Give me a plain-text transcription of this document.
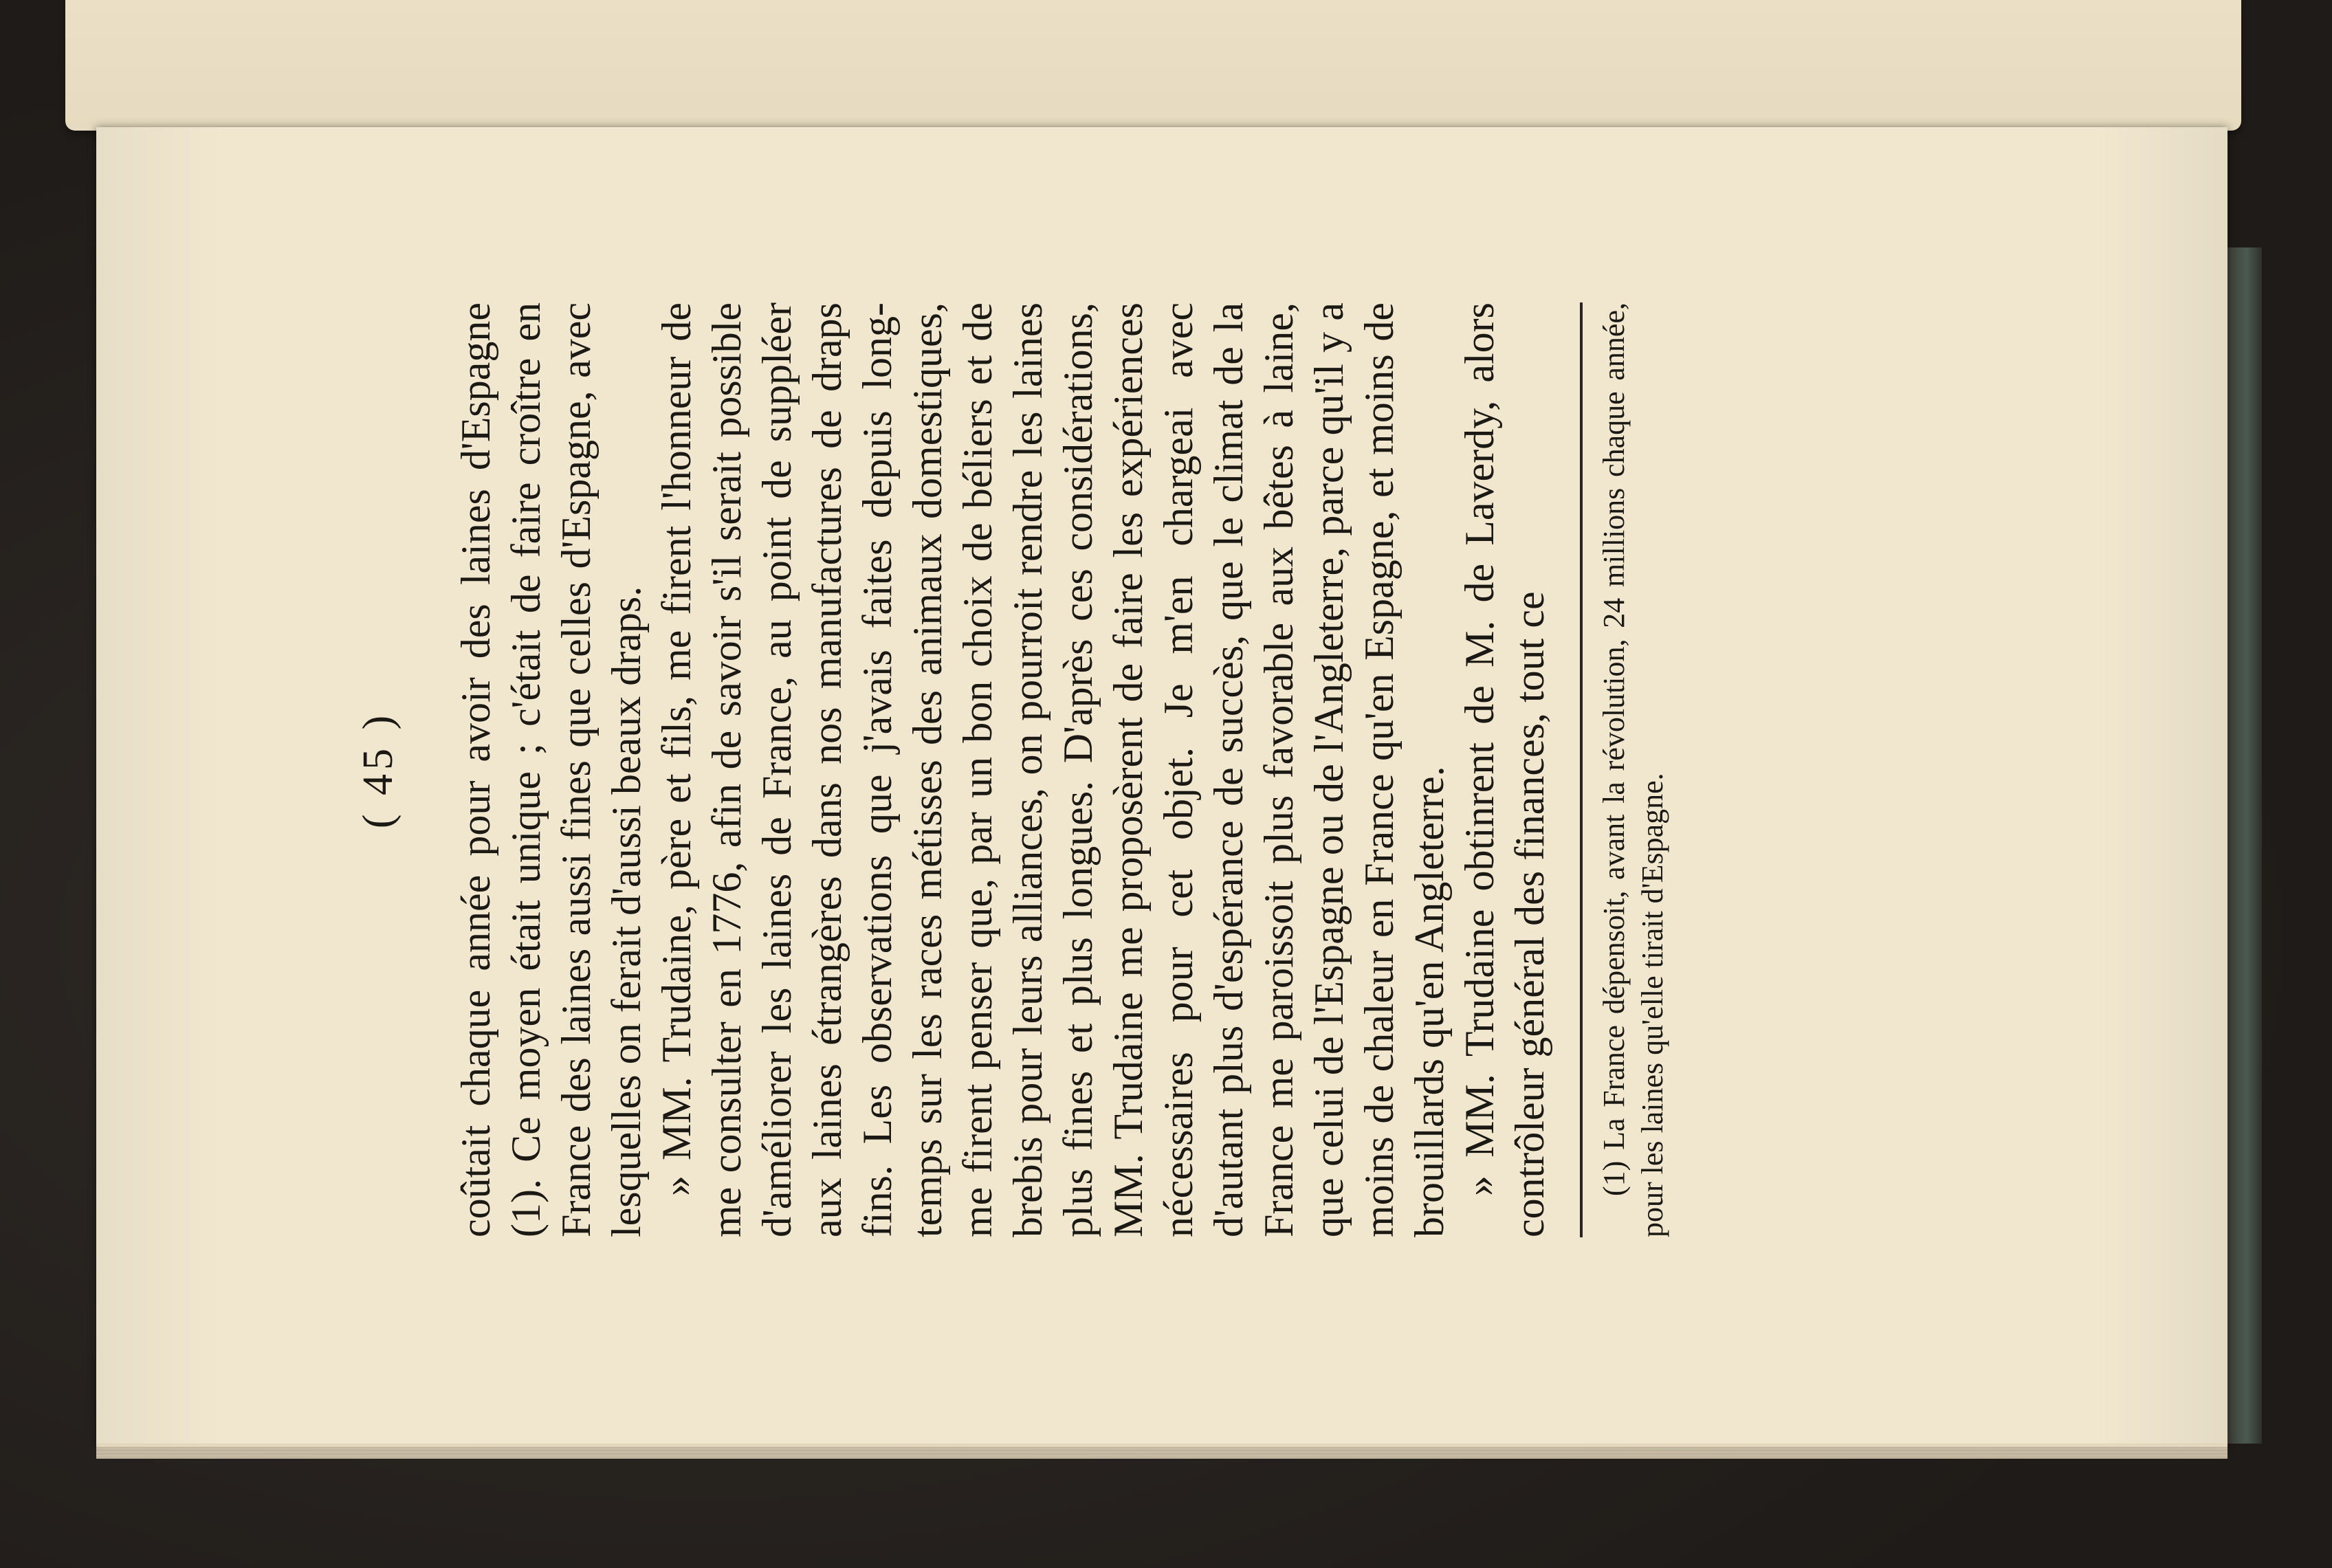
( 45 ) coûtait chaque année pour avoir des laines d'Espagne (1). Ce moyen était unique ; c'était de faire croître en France des laines aussi fines que celles d'Espagne, avec lesquelles on ferait d'aussi beaux draps. » MM. Trudaine, père et fils, me firent l'honneur de me consulter en 1776, afin de savoir s'il serait possible d'améliorer les laines de France, au point de suppléer aux laines étrangères dans nos manufactures de draps fins. Les observations que j'avais faites depuis long-temps sur les races métisses des animaux domestiques, me firent penser que, par un bon choix de béliers et de brebis pour leurs alliances, on pourroit rendre les laines plus fines et plus longues. D'après ces considérations, MM. Trudaine me proposèrent de faire les expériences nécessaires pour cet objet. Je m'en chargeai avec d'autant plus d'espérance de succès, que le climat de la France me paroissoit plus favorable aux bêtes à laine, que celui de l'Espagne ou de l'Angleterre, parce qu'il y a moins de chaleur en France qu'en Espagne, et moins de brouillards qu'en Angleterre. » MM. Trudaine obtinrent de M. de Laverdy, alors contrôleur général des finances, tout ce (1) La France dépensoit, avant la révolution, 24 millions chaque année, pour les laines qu'elle tirait d'Espagne.
